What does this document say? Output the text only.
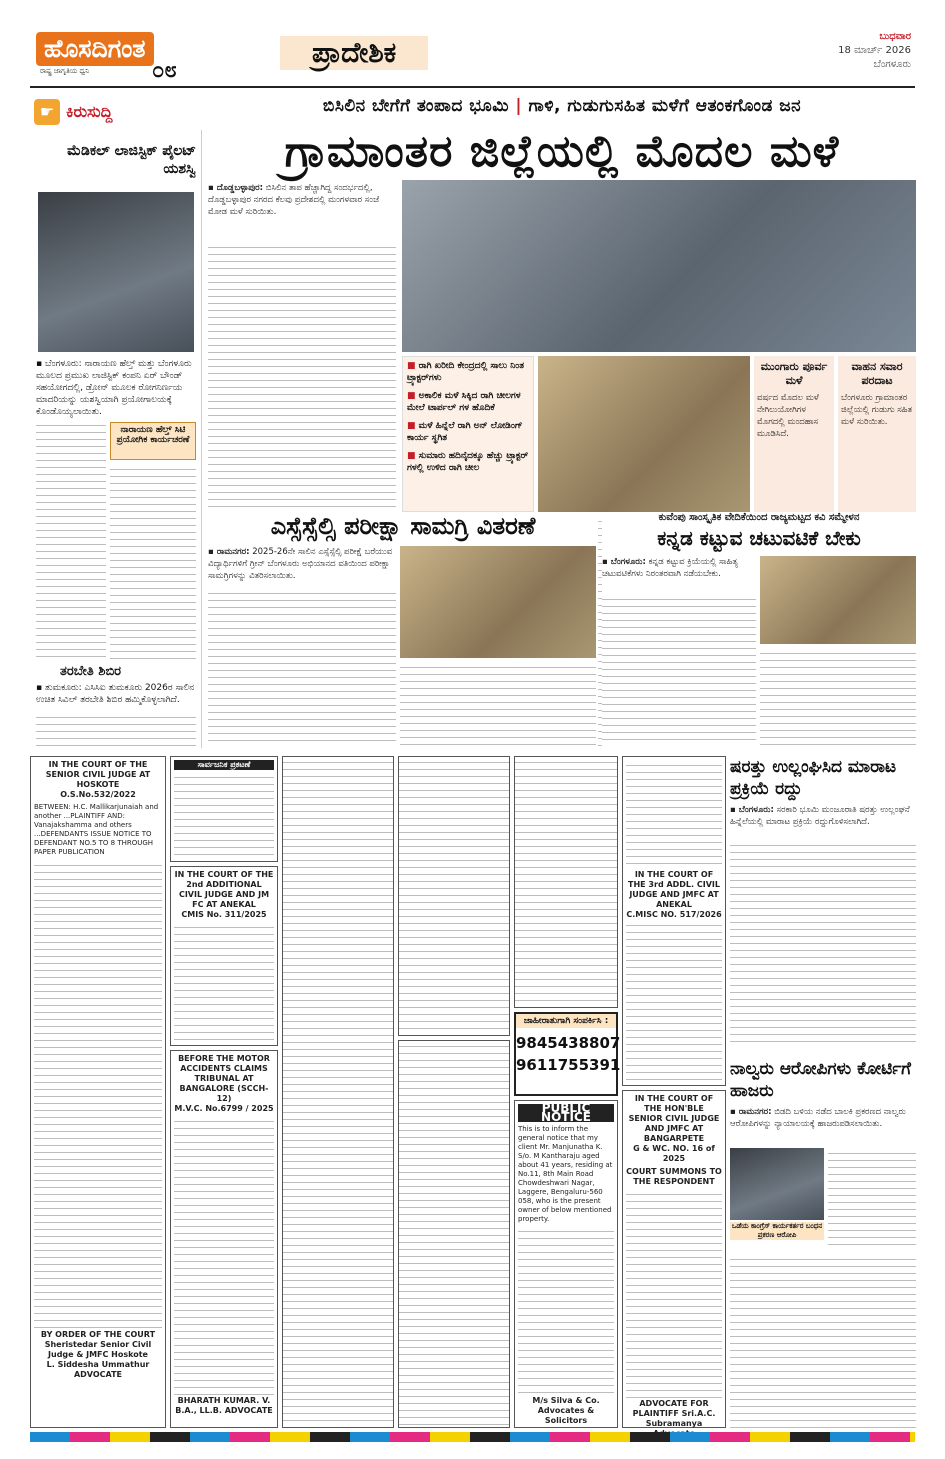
ಹೊಸದಿಗಂತ
ರಾಷ್ಟ್ರ ಜಾಗೃತಿಯ ಧ್ವನಿ	೦೮
ಪ್ರಾದೇಶಿಕ	ಬುಧವಾರ
18 ಮಾರ್ಚ್ 2026
ಬೆಂಗಳೂರು
☛ ಕಿರುಸುದ್ದಿ
ಮೆಡಿಕಲ್ ಲಾಜಿಸ್ಟಿಕ್ ಪೈಲಟ್ ಯಶಸ್ವಿ
▪ ಬೆಂಗಳೂರು: ನಾರಾಯಣ ಹೆಲ್ತ್ ಮತ್ತು ಬೆಂಗಳೂರು ಮೂಲದ ಪ್ರಮುಖ ಲಾಜಿಸ್ಟಿಕ್ ಕಂಪನಿ ಏರ್ ಬೌಂಡ್ ಸಹಯೋಗದಲ್ಲಿ, ಡ್ರೋನ್ ಮೂಲಕ ರೋಗನಿರ್ಣಯ ಮಾದರಿಯನ್ನು ಯಶಸ್ವಿಯಾಗಿ ಪ್ರಯೋಗಾಲಯಕ್ಕೆ ಕೊಂಡೊಯ್ಯಲಾಯಿತು.
ನಾರಾಯಣ ಹೆಲ್ತ್ ಸಿಟಿ ಪ್ರಯೋಗಿಕ ಕಾರ್ಯಚರಣೆ
ತರಬೇತಿ ಶಿಬಿರ
▪ ತುಮಕೂರು: ಎಸಿಸಿಐ ತುಮಕೂರು 2026ರ ಸಾಲಿನ ಉಚಿತ ಸಿವಿಲ್ ತರಬೇತಿ ಶಿಬಿರ ಹಮ್ಮಿಕೊಳ್ಳಲಾಗಿದೆ.
ಬಿಸಿಲಿನ ಬೇಗೆಗೆ ತಂಪಾದ ಭೂಮಿ | ಗಾಳಿ, ಗುಡುಗುಸಹಿತ ಮಳೆಗೆ ಆತಂಕಗೊಂಡ ಜನ
ಗ್ರಾಮಾಂತರ ಜಿಲ್ಲೆಯಲ್ಲಿ ಮೊದಲ ಮಳೆ
▪ ದೊಡ್ಡಬಳ್ಳಾಪುರ: ಬಿಸಿಲಿನ ತಾಪ ಹೆಚ್ಚಾಗಿದ್ದ ಸಂದರ್ಭದಲ್ಲಿ, ದೊಡ್ಡಬಳ್ಳಾಪುರ ನಗರದ ಕೆಲವು ಪ್ರದೇಶದಲ್ಲಿ ಮಂಗಳವಾರ ಸಂಜೆ ಮೋಡ ಮಳೆ ಸುರಿಯಿತು.
■ ರಾಗಿ ಖರೀದಿ ಕೇಂದ್ರದಲ್ಲಿ ಸಾಲು ನಿಂತ ಟ್ರ್ಯಾಕ್ಟರ್‌ಗಳು
■ ಅಕಾಲಿಕ ಮಳೆ ಸಿಕ್ಕಿದ ರಾಗಿ ಚೀಲಗಳ ಮೇಲೆ ಟಾರ್ಪಲ್ ಗಳ ಹೊದಿಕೆ
■ ಮಳೆ ಹಿನ್ನೆಲೆ ರಾಗಿ ಅನ್ ಲೋಡಿಂಗ್ ಕಾರ್ಯ ಸ್ಥಗಿತ
■ ಸುಮಾರು ಹದಿನೈದಕ್ಕೂ ಹೆಚ್ಚು ಟ್ರ್ಯಾಕ್ಟರ್ ಗಳಲ್ಲಿ ಉಳಿದ ರಾಗಿ ಚೀಲ
ಮುಂಗಾರು ಪೂರ್ವ ಮಳೆ
ವರ್ಷದ ಮೊದಲ ಮಳೆ ನೇಗಿಲುಯೋಗಿಗಳ ಮೊಗದಲ್ಲಿ ಮಂದಹಾಸ ಮೂಡಿಸಿದೆ.
ವಾಹನ ಸವಾರ ಪರದಾಟ
ಬೆಂಗಳೂರು ಗ್ರಾಮಾಂತರ ಜಿಲ್ಲೆಯಲ್ಲಿ ಗುಡುಗು ಸಹಿತ ಮಳೆ ಸುರಿಯಿತು.
ಎಸ್ಸೆಸ್ಸೆಲ್ಸಿ ಪರೀಕ್ಷಾ ಸಾಮಗ್ರಿ ವಿತರಣೆ
▪ ರಾಮನಗರ: 2025-26ನೇ ಸಾಲಿನ ಎಸ್ಸೆಸ್ಸೆಲ್ಸಿ ಪರೀಕ್ಷೆ ಬರೆಯುವ ವಿದ್ಯಾರ್ಥಿಗಳಿಗೆ ಗ್ರೀನ್‌ ಬೆಂಗಳೂರು ಅಭಿಯಾನದ ವತಿಯಿಂದ ಪರೀಕ್ಷಾ ಸಾಮಗ್ರಿಗಳನ್ನು ವಿತರಿಸಲಾಯಿತು.
ಕುವೆಂಪು ಸಾಂಸ್ಕೃತಿಕ ವೇದಿಕೆಯಿಂದ ರಾಜ್ಯಮಟ್ಟದ ಕವಿ ಸಮ್ಮೇಳನ
ಕನ್ನಡ ಕಟ್ಟುವ ಚಟುವಟಿಕೆ ಬೇಕು
▪ ಬೆಂಗಳೂರು: ಕನ್ನಡ ಕಟ್ಟುವ ಕ್ರಿಯೆಯಲ್ಲಿ ಸಾಹಿತ್ಯ ಚಟುವಟಿಕೆಗಳು ನಿರಂತರವಾಗಿ ನಡೆಯಬೇಕು.
IN THE COURT OF THE SENIOR CIVIL JUDGE AT HOSKOTE
O.S.No.532/2022
BETWEEN: H.C. Mallikarjunaiah and another ...PLAINTIFF AND: Vanajakshamma and others ...DEFENDANTS ISSUE NOTICE TO DEFENDANT NO.5 TO 8 THROUGH PAPER PUBLICATION
BY ORDER OF THE COURT Sheristedar Senior Civil Judge & JMFC Hoskote
L. Siddesha Ummathur ADVOCATE
ಸಾರ್ವಜನಿಕ ಪ್ರಕಟಣೆ
IN THE COURT OF THE 2nd ADDITIONAL CIVIL JUDGE AND JM FC AT ANEKAL
CMIS No. 311/2025
BEFORE THE MOTOR ACCIDENTS CLAIMS TRIBUNAL AT BANGALORE (SCCH-12)
M.V.C. No.6799 / 2025
BHARATH KUMAR. V. B.A., LL.B. ADVOCATE
ಜಾಹೀರಾತುಗಾಗಿ ಸಂಪರ್ಕಿಸಿ :
9845438807
9611755391
PUBLIC NOTICE
This is to inform the general notice that my client Mr. Manjunatha K. S/o. M Kantharaju aged about 41 years, residing at No.11, 8th Main Road Chowdeshwari Nagar, Laggere, Bengaluru-560 058, who is the present owner of below mentioned property.
M/s Silva & Co. Advocates & Solicitors
IN THE COURT OF THE 3rd ADDL. CIVIL JUDGE AND JMFC AT ANEKAL
C.MISC NO. 517/2026
IN THE COURT OF THE HON'BLE SENIOR CIVIL JUDGE AND JMFC AT BANGARPETE
G & WC. NO. 16 of 2025
COURT SUMMONS TO THE RESPONDENT
ADVOCATE FOR PLAINTIFF Sri.A.C. Subramanya
ಷರತ್ತು ಉಲ್ಲಂಘಿಸಿದ ಮಾರಾಟ ಪ್ರಕ್ರಿಯೆ ರದ್ದು
▪ ಬೆಂಗಳೂರು: ಸರಕಾರಿ ಭೂಮಿ ಮಂಜೂರಾತಿ ಷರತ್ತು ಉಲ್ಲಂಘನೆ ಹಿನ್ನೆಲೆಯಲ್ಲಿ ಮಾರಾಟ ಪ್ರಕ್ರಿಯೆ ರದ್ದುಗೊಳಿಸಲಾಗಿದೆ.
ನಾಲ್ವರು ಆರೋಪಿಗಳು ಕೋರ್ಟಿಗೆ ಹಾಜರು
▪ ರಾಮನಗರ: ಬಿಡದಿ ಬಳಿಯ ನಡೆದ ಬಾಲಕಿ ಪ್ರಕರಣದ ನಾಲ್ವರು ಆರೋಪಿಗಳನ್ನು ನ್ಯಾಯಾಲಯಕ್ಕೆ ಹಾಜರುಪಡಿಸಲಾಯಿತು.
ಒಡೆಯ ಕಾಂಗ್ರೆಸ್ ಕಾರ್ಯಕರ್ತರ ಬಂಧನ ಪ್ರಕರಣ ಆರೋಪಿ
